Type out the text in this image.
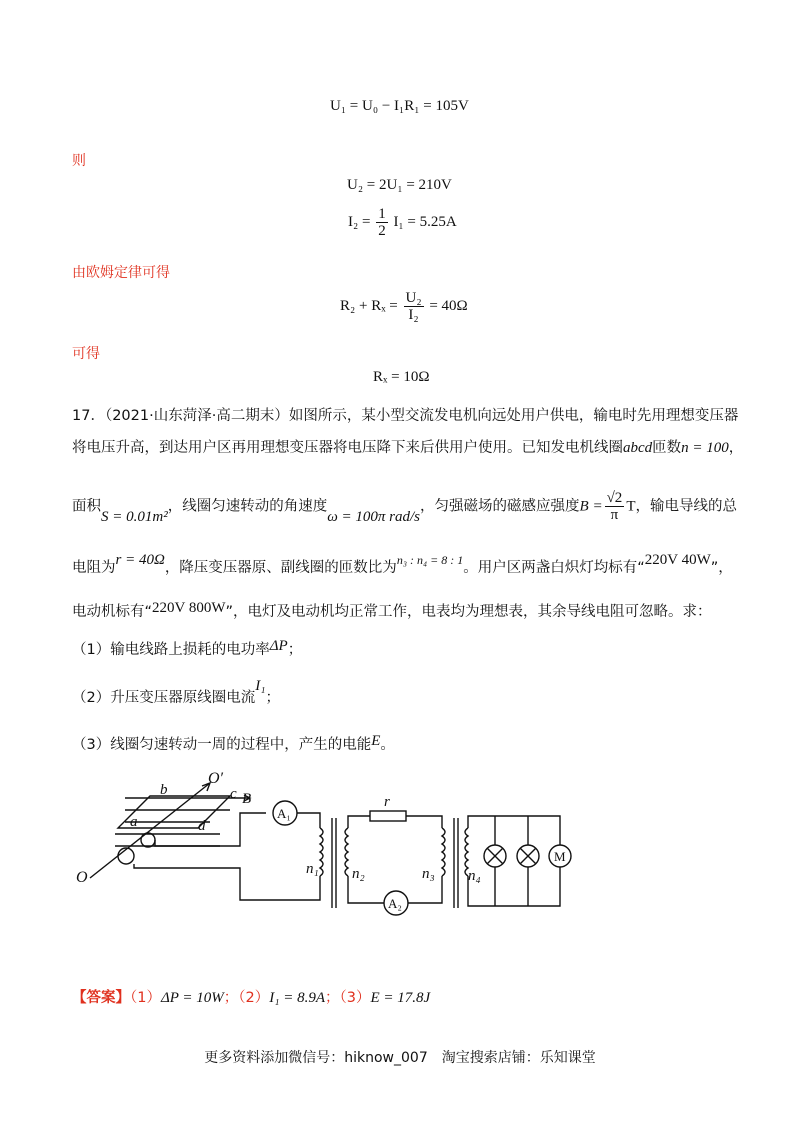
U₁ = U₀ − I₁R₁ = 105V
则
U₂ = 2U₁ = 210V
$I_2 = \frac{1}{2} I_1 = 5.25A$
由欧姆定律可得
$R_2 + R_x = \frac{\text{U₂}}{\text{I₂}} = 40\Omega$
可得
Rₓ = 10Ω
17．（2021·山东菏泽·高二期末）如图所示，某小型交流发电机向远处用户供电，输电时先用理想变压器
将电压升高，到达用户区再用理想变压器将电压降下来后供用户使用。已知发电机线圈abcd匝数n = 100，
面积S = 0.01m²，线圈匀速转动的角速度ω = 100π rad/s，匀强磁场的磁感应强度$B = \frac{√2}{\pi}$ T，输电导线的总
电阻为r = 40Ω，降压变压器原、副线圈的匝数比为$^{n_3 : n_4 = 8 : 1}$。用户区两盏白炽灯均标有“220V 40W”，
电动机标有“220V 800W”，电灯及电动机均正常工作，电表均为理想表，其余导线电阻可忽略。求：
（1）输电线路上损耗的电功率ΔP；
（2）升压变压器原线圈电流I₁；
（3）线圈匀速转动一周的过程中，产生的电能E。
O′
O
b	c B
a	d
A₁
n₁ n₂
r
A₂
n₃ n₄
M
【答案】（1）ΔP = 10W；（2）I₁ = 8.9A；（3）E = 17.8J
更多资料添加微信号：hiknow_007　淘宝搜索店铺：乐知课堂
